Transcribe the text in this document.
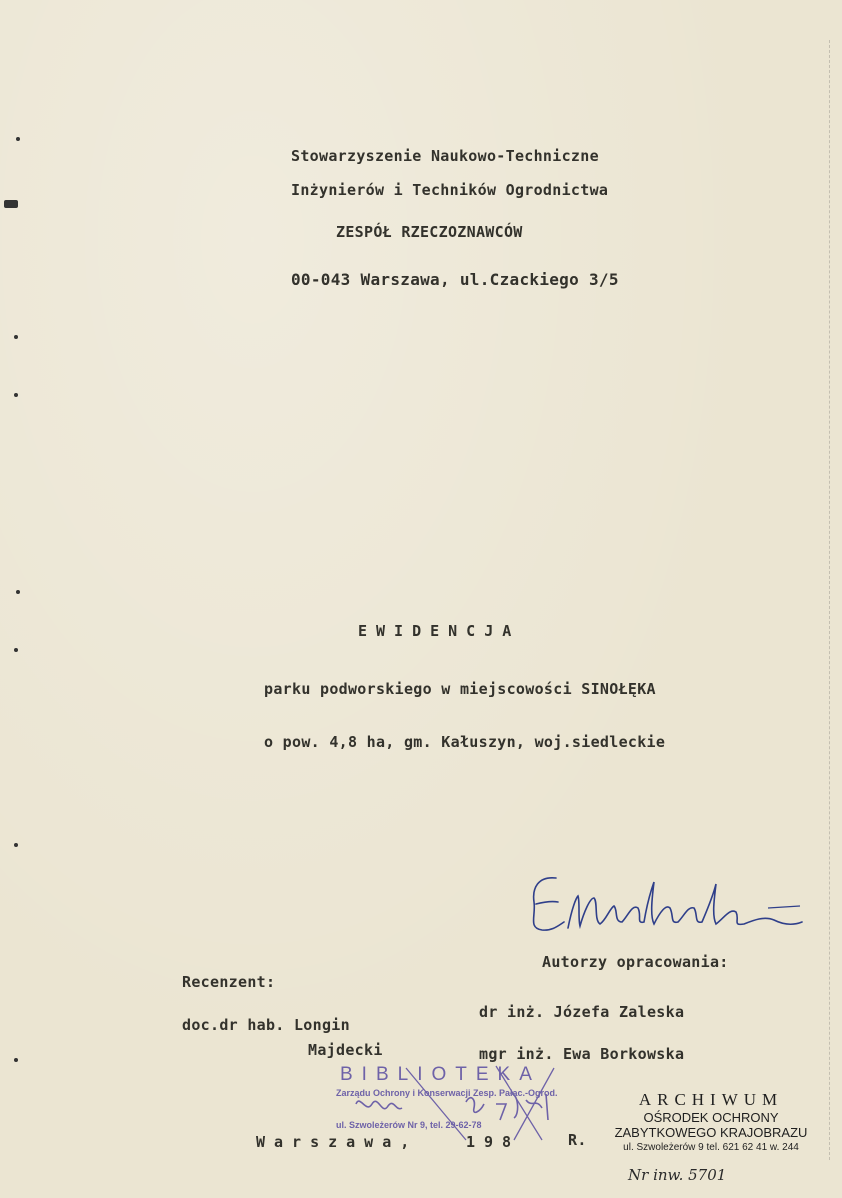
Stowarzyszenie Naukowo-Techniczne
Inżynierów i Techników Ogrodnictwa
ZESPÓŁ RZECZOZNAWCÓW
00-043 Warszawa, ul.Czackiego 3/5
EWIDENCJA
parku podworskiego w miejscowości SINOŁĘKA
o pow. 4,8 ha, gm. Kałuszyn, woj.siedleckie
Autorzy opracowania:
Recenzent:
dr inż. Józefa Zaleska
doc.dr hab. Longin
Majdecki	mgr inż. Ewa Borkowska
Warszawa,	198	R.
BIBLIOTEKA
Zarządu Ochrony i Konserwacji Zesp. Pałac.-Ogrod.
ul. Szwoleżerów Nr 9, tel. 29-62-78
ARCHIWUM
OŚRODEK OCHRONY
ZABYTKOWEGO KRAJOBRAZU
ul. Szwoleżerów 9 tel. 621 62 41 w. 244
Nr inw. 5701
